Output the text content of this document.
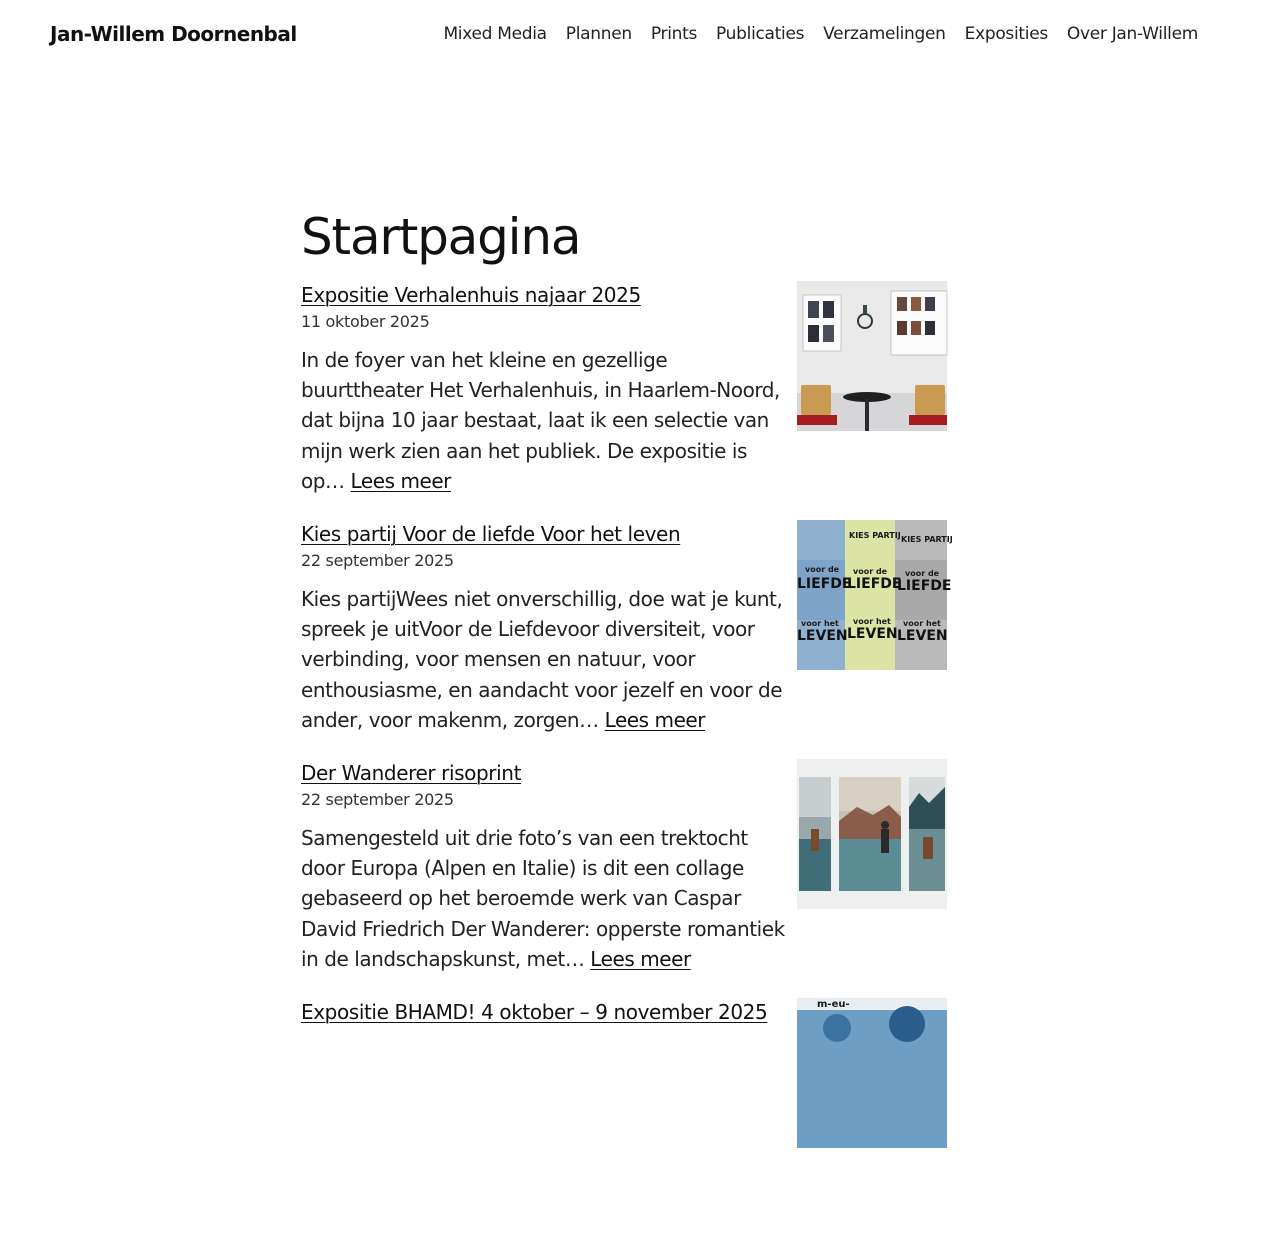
Jan-Willem Doornenbal	Mixed Media Plannen Prints Publicaties Verzamelingen Exposities Over Jan-Willem
Startpagina
Expositie Verhalenhuis najaar 2025
11 oktober 2025
In de foyer van het kleine en gezellige buurttheater Het Verhalenhuis, in Haarlem-Noord, dat bijna 10 jaar bestaat, laat ik een selectie van mijn werk zien aan het publiek. De expositie is op… Lees meer
Kies partij Voor de liefde Voor het leven
22 september 2025
Kies partijWees niet onverschillig, doe wat je kunt, spreek je uitVoor de Liefdevoor diversiteit, voor verbinding, voor mensen en natuur, voor enthousiasme, en aandacht voor jezelf en voor de ander, voor makenm, zorgen… Lees meer
KIES PARTIJ KIES PARTIJ
voor de
LIEFDE
voor de
LIEFDE
voor de
LIEFDE
voor het
LEVEN
voor het
LEVEN
voor het
LEVEN
Der Wanderer risoprint
22 september 2025
Samengesteld uit drie foto’s van een trektocht door Europa (Alpen en Italie) is dit een collage gebaseerd op het beroemde werk van Caspar David Friedrich Der Wanderer: opperste romantiek in de landschapskunst, met… Lees meer
Expositie BHAMD! 4 oktober – 9 november 2025	m-eu-
